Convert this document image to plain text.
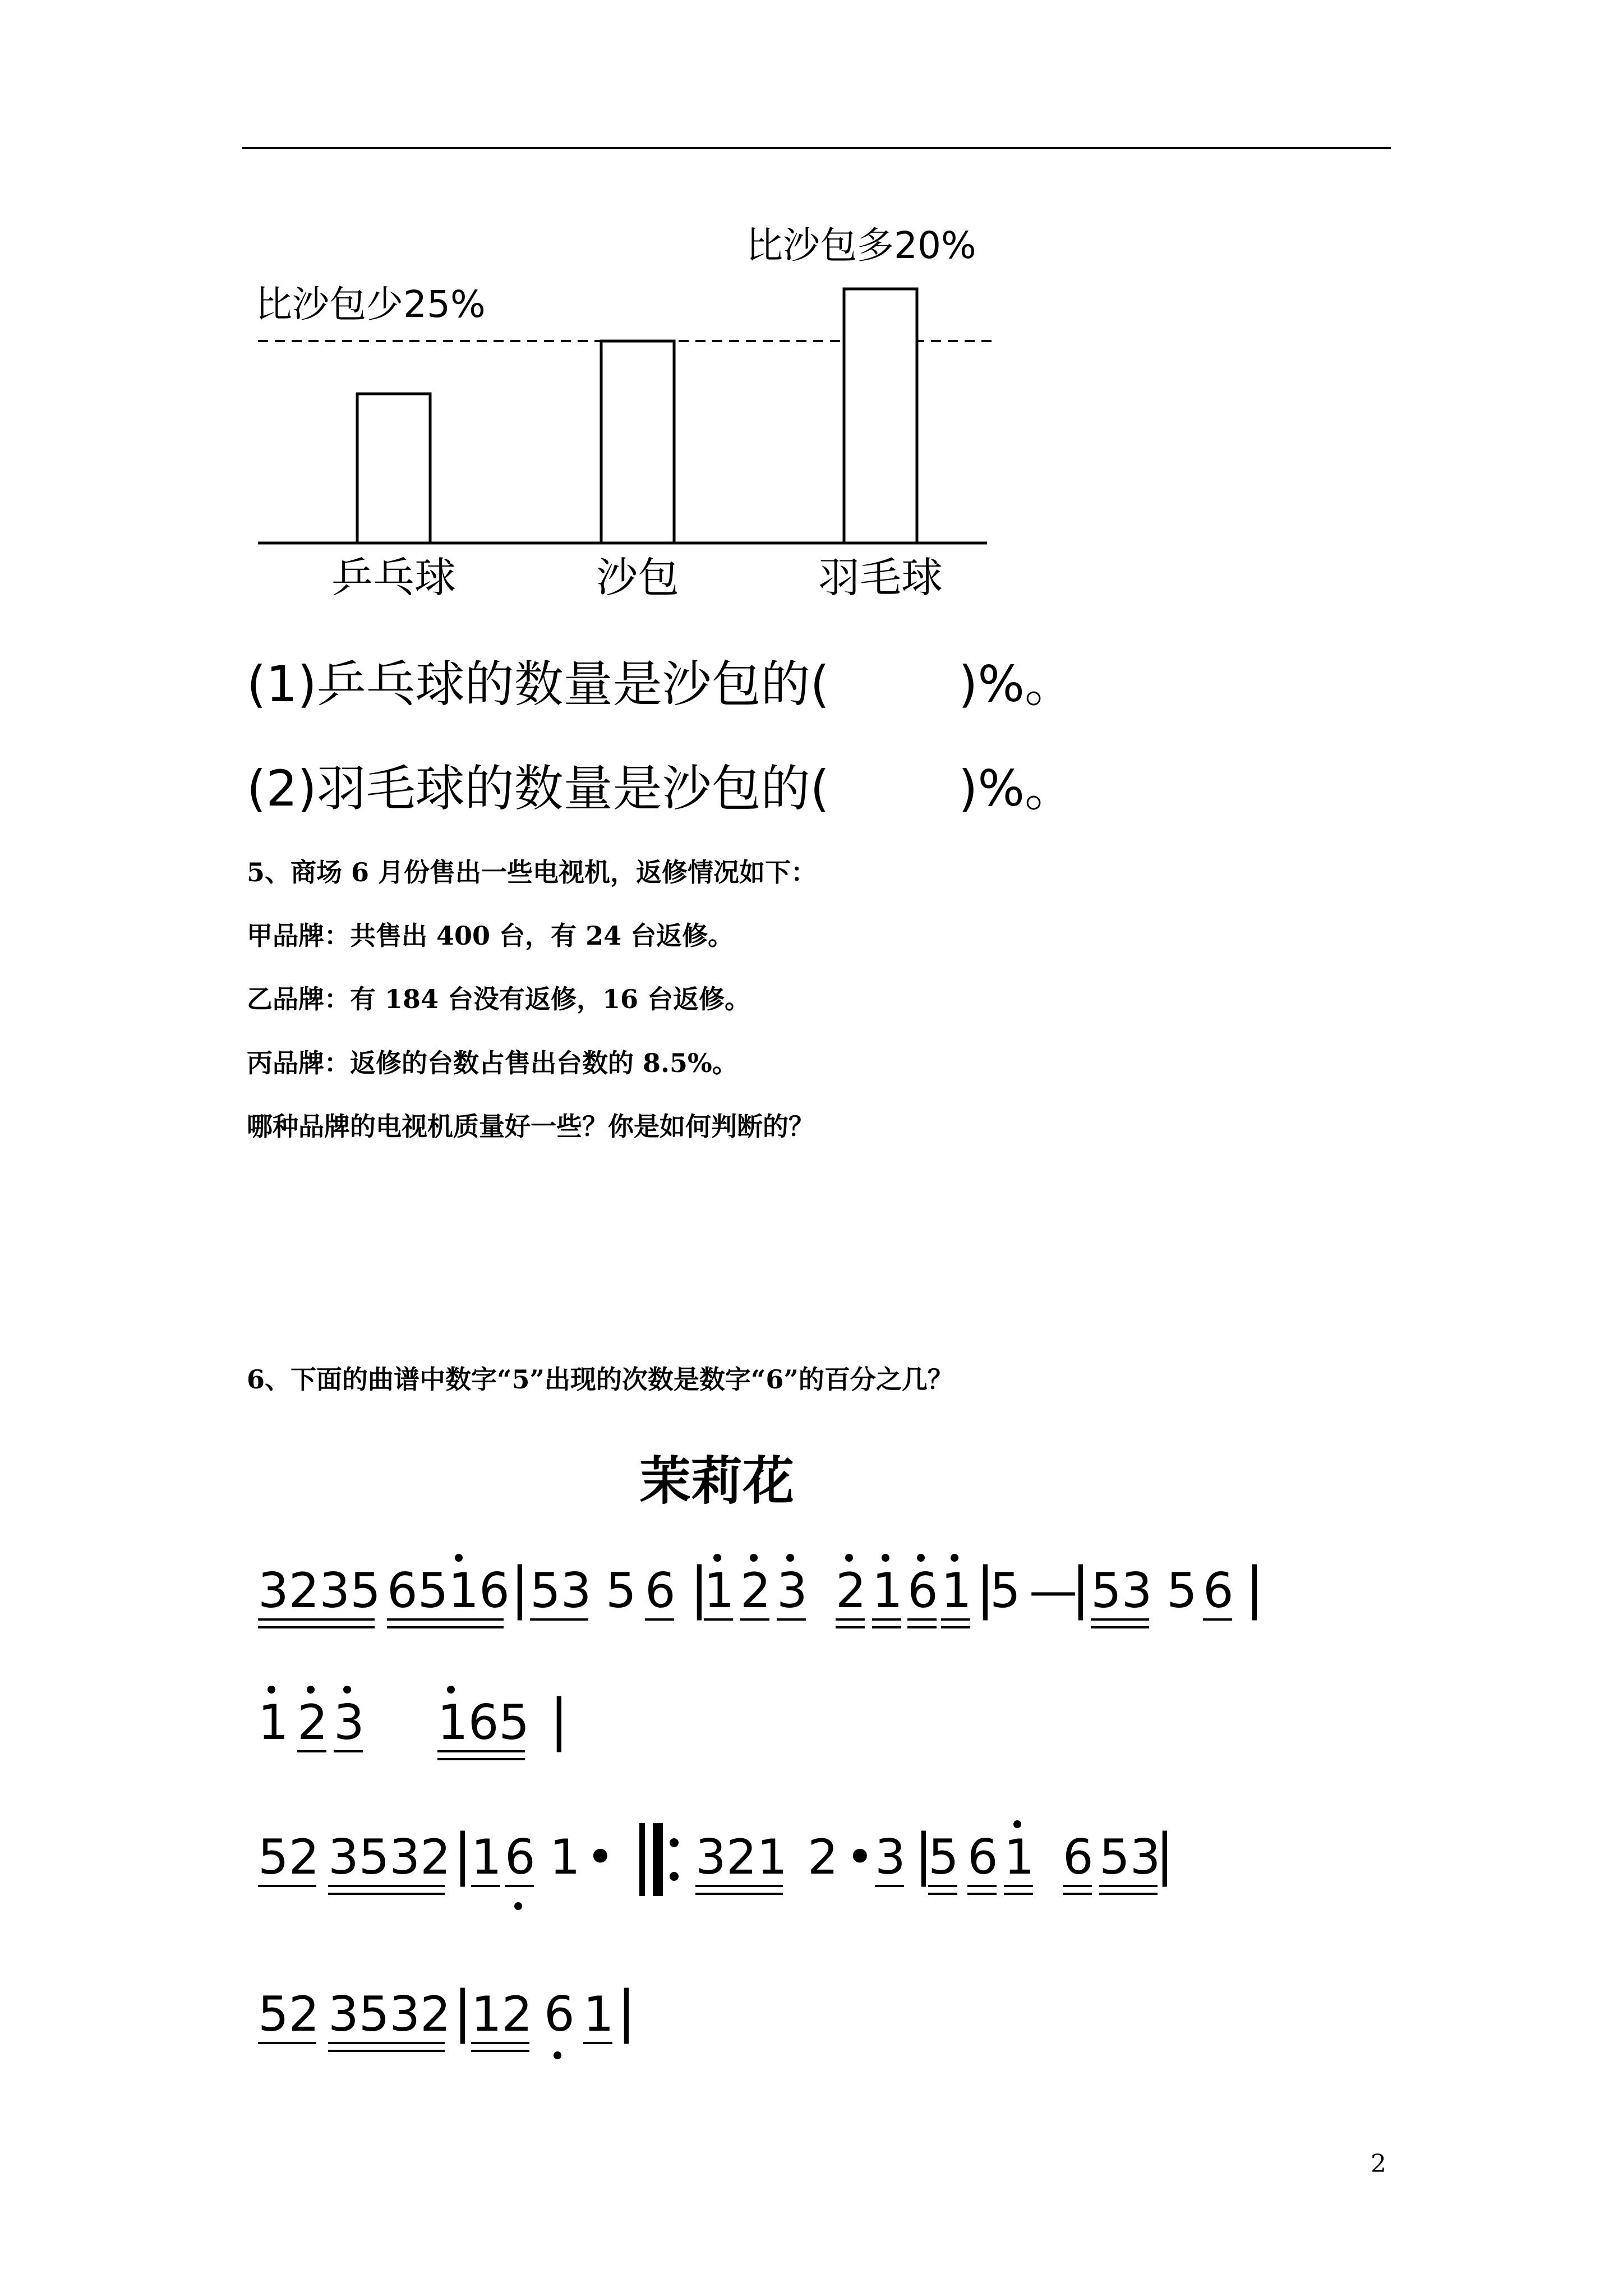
比沙包少25%
比沙包多20%
乒乓球	沙包	羽毛球
(1)乒乓球的数量是沙包的(	)%。
(2)羽毛球的数量是沙包的(	)%。
5、商场 6 月份售出一些电视机，返修情况如下：
甲品牌：共售出 400 台，有 24 台返修。
乙品牌：有 184 台没有返修，16 台返修。
丙品牌：返修的台数占售出台数的 8.5%。
哪种品牌的电视机质量好一些？你是如何判断的？
6、下面的曲谱中数字“5”出现的次数是数字“6”的百分之几？
茉莉花
3235 6516 | 53 5 6 |
1 2 3 2 1 6 1 |
5 —
| 53 5 6 |
1 2 3 165 |
52 3532 |
1 6 1 • 321 2 • 3 |
5 6 1 6 53
|
52 3532 |
12 6 1 |
2
